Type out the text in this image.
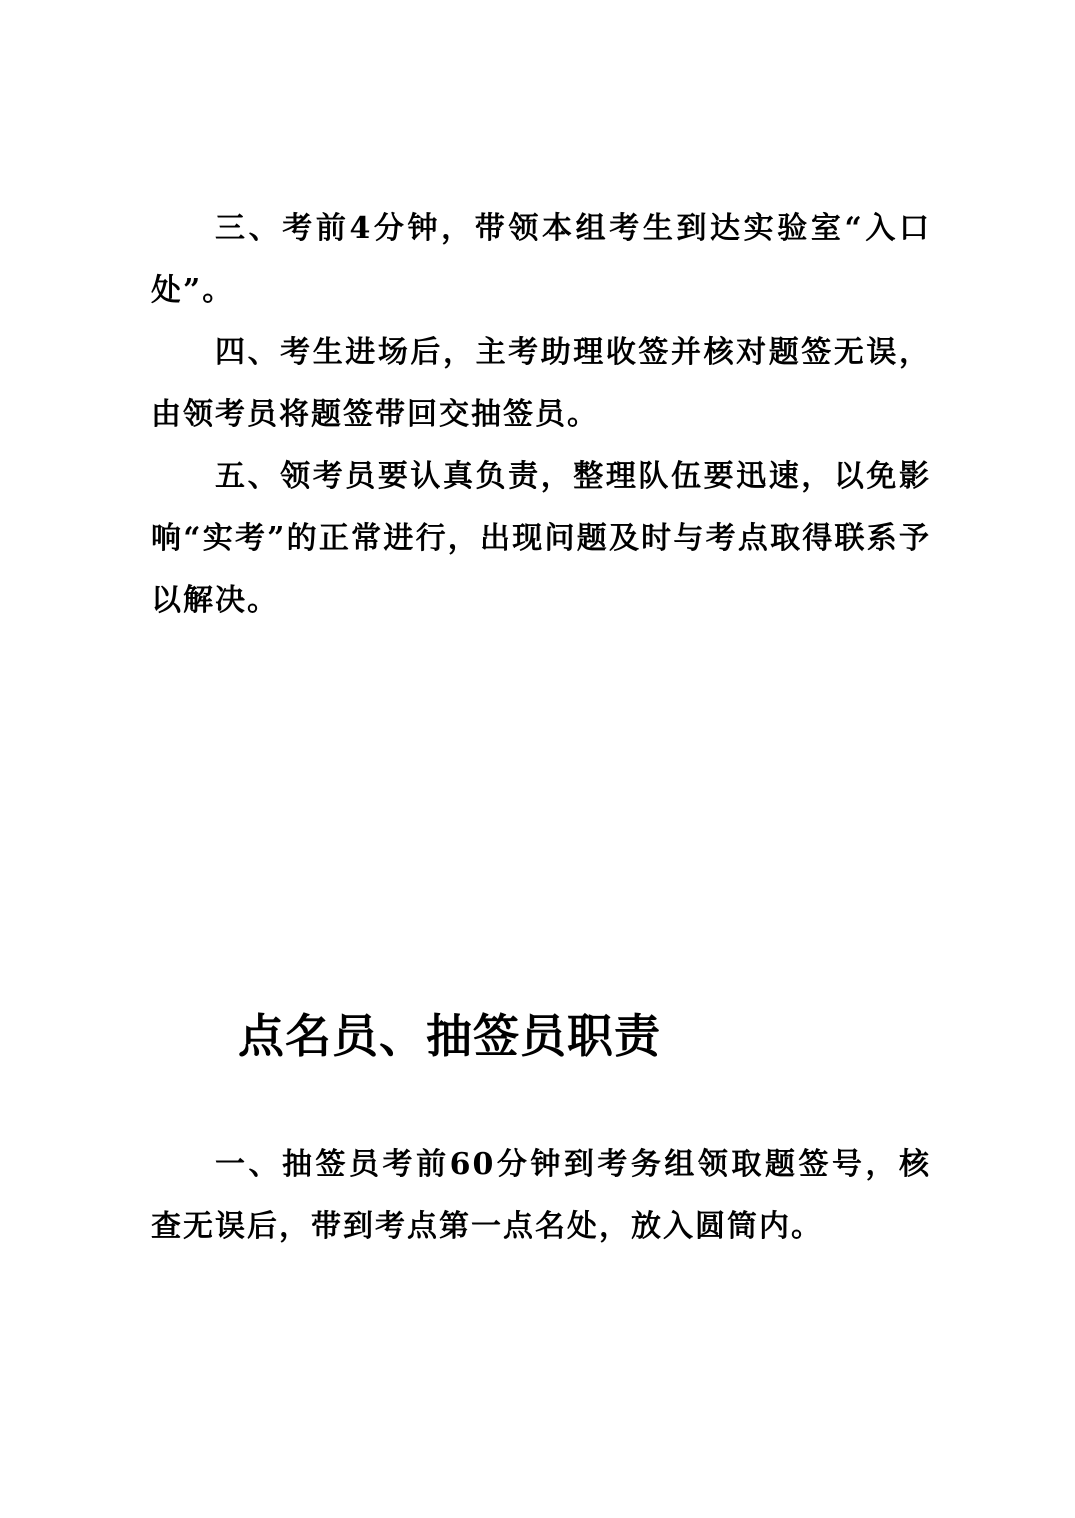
三、考前4分钟，带领本组考生到达实验室“入口处”。

四、考生进场后，主考助理收签并核对题签无误，由领考员将题签带回交抽签员。

五、领考员要认真负责，整理队伍要迅速，以免影响“实考”的正常进行，出现问题及时与考点取得联系予以解决。

点名员、抽签员职责

一、抽签员考前60分钟到考务组领取题签号，核查无误后，带到考点第一点名处，放入圆筒内。
